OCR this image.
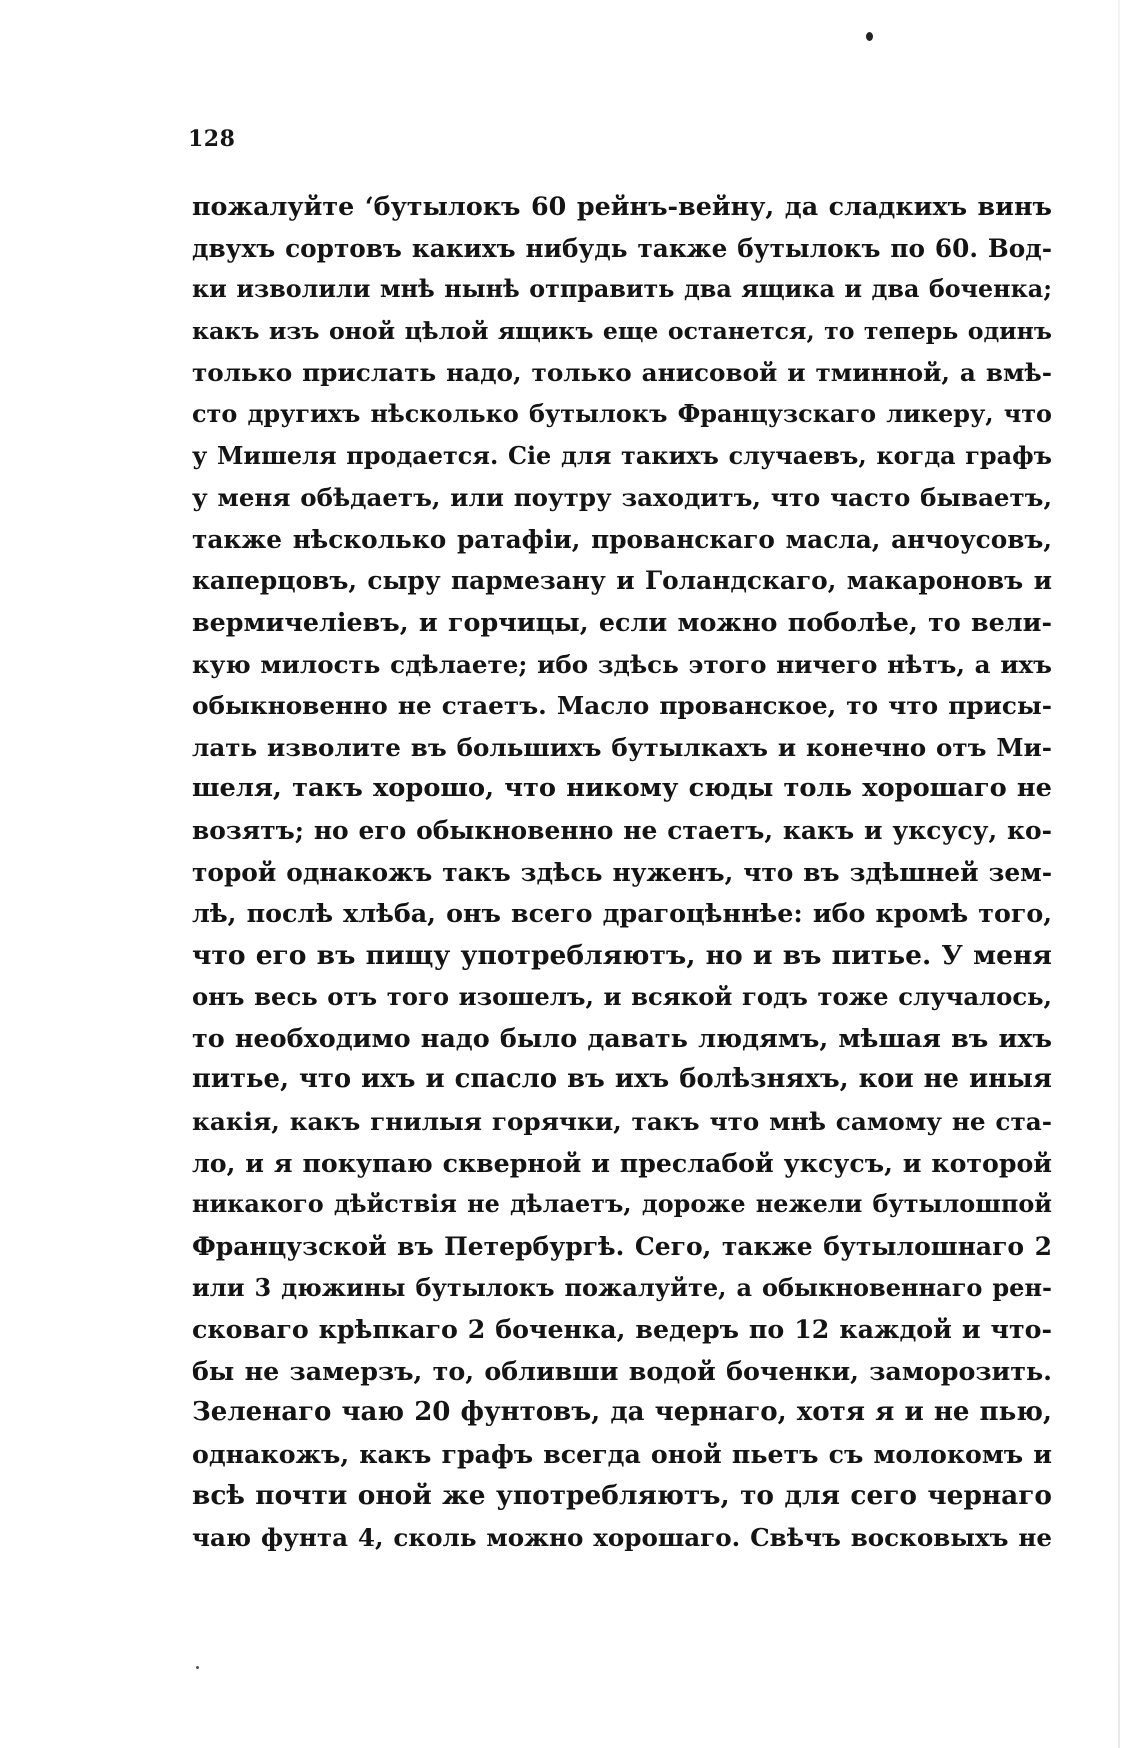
128
пожалуйте ‘бутылокъ 60 рейнъ-вейну, да сладкихъ винъ
двухъ сортовъ какихъ нибудь также бутылокъ по 60. Вод-
ки изволили мнѣ нынѣ отправить два ящика и два боченка;
какъ изъ оной цѣлой ящикъ еще останется, то теперь одинъ
только прислать надо, только анисовой и тминной, а вмѣ-
сто другихъ нѣсколько бутылокъ Французскаго ликеру, что
у Мишеля продается. Сіе для такихъ случаевъ, когда графъ
у меня обѣдаетъ, или поутру заходитъ, что часто бываетъ,
также нѣсколько ратафіи, прованскаго масла, анчоусовъ,
каперцовъ, сыру пармезану и Голандскаго, макароновъ и
вермичеліевъ, и горчицы, если можно поболѣе, то вели-
кую милость сдѣлаете; ибо здѣсь этого ничего нѣтъ, а ихъ
обыкновенно не стаетъ. Масло прованское, то что присы-
лать изволите въ большихъ бутылкахъ и конечно отъ Ми-
шеля, такъ хорошо, что никому сюды толь хорошаго не
возятъ; но его обыкновенно не стаетъ, какъ и уксусу, ко-
торой однакожъ такъ здѣсь нуженъ, что въ здѣшней зем-
лѣ, послѣ хлѣба, онъ всего драгоцѣннѣе: ибо кромѣ того,
что его въ пищу употребляютъ, но и въ питье. У меня
онъ весь отъ того изошелъ, и всякой годъ тоже случалось,
то необходимо надо было давать людямъ, мѣшая въ ихъ
питье, что ихъ и спасло въ ихъ болѣзняхъ, кои не иныя
какія, какъ гнилыя горячки, такъ что мнѣ самому не ста-
ло, и я покупаю скверной и преслабой уксусъ, и которой
никакого дѣйствія не дѣлаетъ, дороже нежели бутылошпой
Французской въ Петербургѣ. Сего, также бутылошнаго 2
или 3 дюжины бутылокъ пожалуйте, а обыкновеннаго рен-
сковаго крѣпкаго 2 боченка, ведеръ по 12 каждой и что-
бы не замерзъ, то, обливши водой боченки, заморозить.
Зеленаго чаю 20 фунтовъ, да чернаго, хотя я и не пью,
однакожъ, какъ графъ всегда оной пьетъ съ молокомъ и
всѣ почти оной же употребляютъ, то для сего чернаго
чаю фунта 4, сколь можно хорошаго. Свѣчъ восковыхъ не
